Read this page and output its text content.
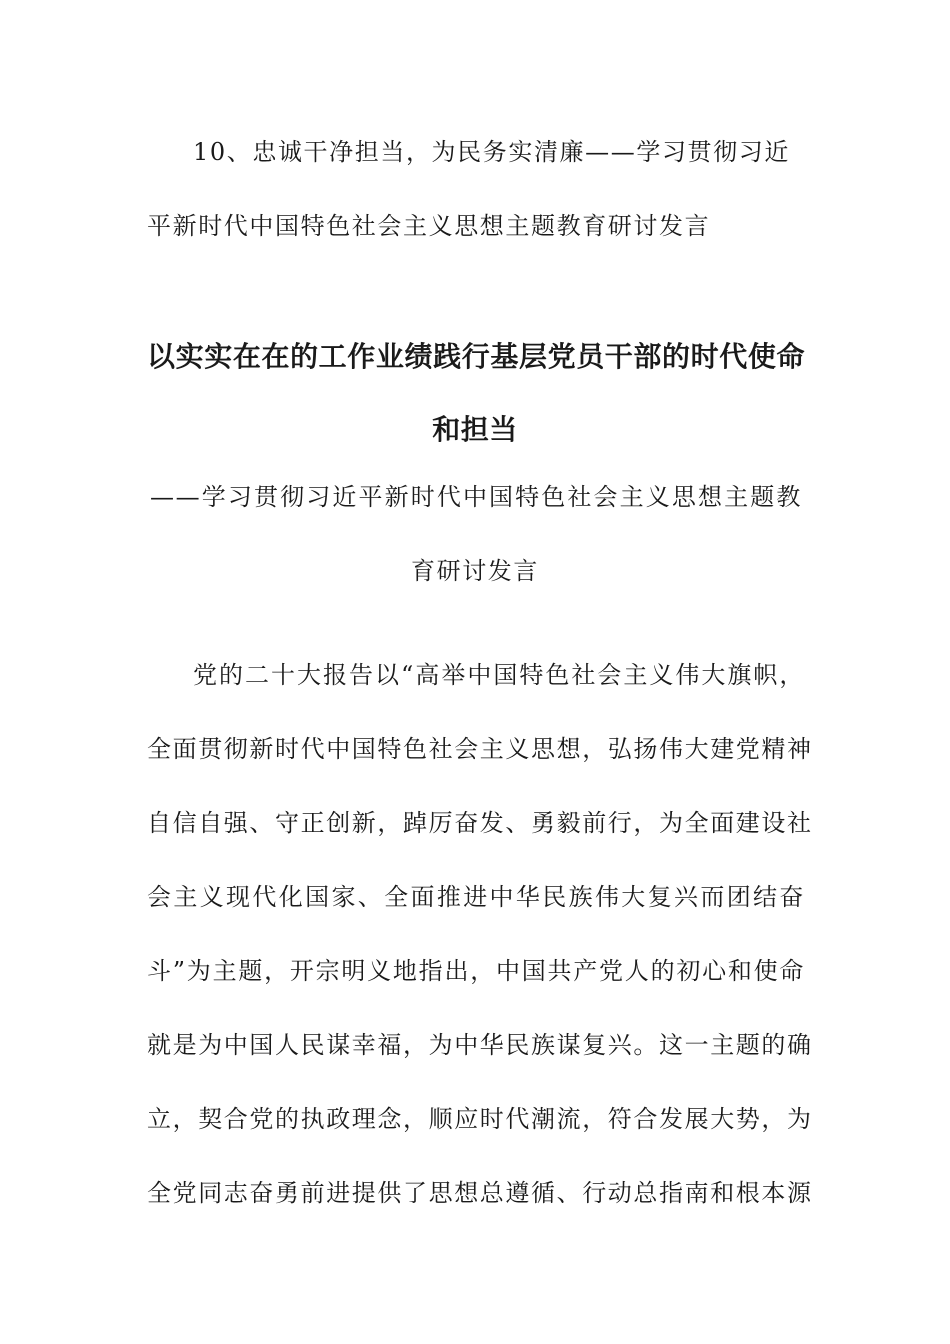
10、忠诚干净担当，为民务实清廉——学习贯彻习近
平新时代中国特色社会主义思想主题教育研讨发言
以实实在在的工作业绩践行基层党员干部的时代使命
和担当
——学习贯彻习近平新时代中国特色社会主义思想主题教
育研讨发言
党的二十大报告以“高举中国特色社会主义伟大旗帜，
全面贯彻新时代中国特色社会主义思想，弘扬伟大建党精神
自信自强、守正创新，踔厉奋发、勇毅前行，为全面建设社
会主义现代化国家、全面推进中华民族伟大复兴而团结奋
斗”为主题，开宗明义地指出，中国共产党人的初心和使命
就是为中国人民谋幸福，为中华民族谋复兴。这一主题的确
立，契合党的执政理念，顺应时代潮流，符合发展大势，为
全党同志奋勇前进提供了思想总遵循、行动总指南和根本源
